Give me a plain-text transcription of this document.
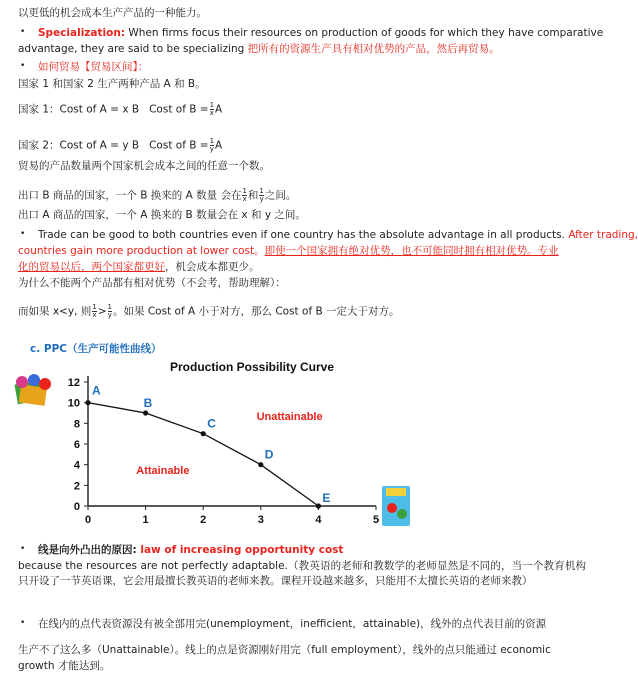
以更低的机会成本生产产品的一种能力。
• Specialization: When firms focus their resources on production of goods for which they have comparative
advantage, they are said to be specializing 把所有的资源生产具有相对优势的产品，然后再贸易。
• 如何贸易【贸易区间】：
国家 1 和国家 2 生产两种产品 A 和 B。
国家 1：Cost of A = x B Cost of $B = \frac{1}{x}$ A
国家 2：Cost of A = y B Cost of $B = \frac{1}{y}$ A
贸易的产品数量两个国家机会成本之间的任意一个数。
出口 B 商品的国家，一个 B 换来的 A 数量 会在 $\frac{1}{x}$ 和 $\frac{1}{y}$ 之间。
出口 A 商品的国家，一个 A 换来的 B 数量会在 x 和 y 之间。
• Trade can be good to both countries even if one country has the absolute advantage in all products. After trading,
countries gain more production at lower cost。即使一个国家拥有绝对优势，也不可能同时拥有相对优势。专业
化的贸易以后，两个国家都更好，机会成本都更少。
为什么不能两个产品都有相对优势（不会考，帮助理解）：
而如果 x<y, 则 $\frac{1}{x} > \frac{1}{y}$ 。如果 Cost of A 小于对方，那么 Cost of B 一定大于对方。
c. PPC（生产可能性曲线）
Production Possibility Curve
0
2
4
6
8
10
12
0	1	2	3	4	5
A
B
C
D
E
Unattainable
Attainable
• 线是向外凸出的原因: law of increasing opportunity cost
because the resources are not perfectly adaptable.（教英语的老师和教数学的老师显然是不同的，当一个教育机构只开设了一节英语课，它会用最擅长教英语的老师来教。课程开设越来越多，只能用不太擅长英语的老师来教）
• 在线内的点代表资源没有被全部用完(unemployment，inefficient，attainable)，线外的点代表目前的资源
生产不了这么多（Unattainable）。线上的点是资源刚好用完（full employment），线外的点只能通过 economic
growth 才能达到。
